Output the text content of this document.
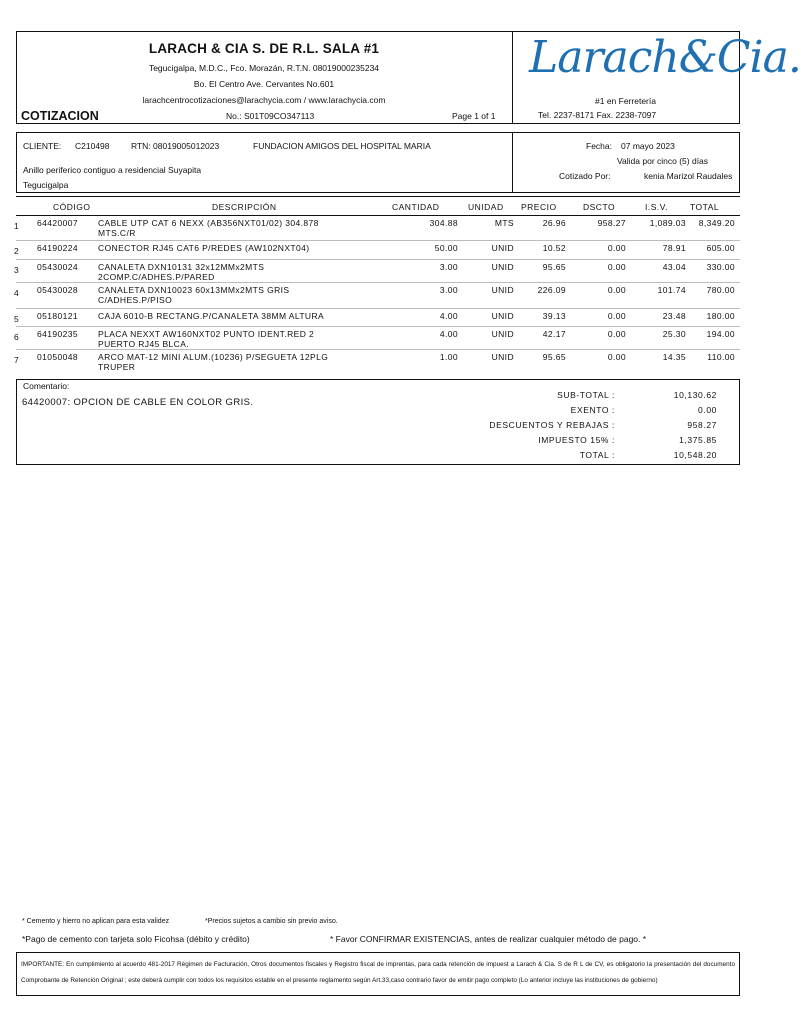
LARACH & CIA S. DE R.L. SALA #1
Tegucigalpa, M.D.C., Fco. Morazán, R.T.N. 08019000235234
Bo. El Centro Ave. Cervantes No.601
larachcentrocotizaciones@larachycia.com / www.larachycia.com
COTIZACION	No.: S01T09CO347113	Page 1 of 1
Larach&Cia.
#1 en Ferretería
Tel. 2237-8171 Fax. 2238-7097
CLIENTE: C210498	RTN: 08019005012023	FUNDACION AMIGOS DEL HOSPITAL MARIA
Anillo periferico contiguo a residencial Suyapita
Tegucigalpa
Fecha: 07 mayo 2023
Valida por cinco (5) días
Cotizado Por:	kenia Marizol Raudales
CÓDIGO	DESCRIPCIÓN	CANTIDAD	UNIDAD PRECIO	DSCTO	I.S.V.	TOTAL
1	64420007	304.88	MTS	26.96	958.27	1,089.03	8,349.20
CABLE UTP CAT 6 NEXX (AB356NXT01/02) 304.878
MTS.C/R
2	64190224	50.00	UNID	10.52	0.00	78.91	605.00
CONECTOR RJ45 CAT6 P/REDES (AW102NXT04)
3	05430024	3.00	UNID	95.65	0.00	43.04	330.00
CANALETA DXN10131 32x12MMx2MTS
2COMP.C/ADHES.P/PARED
4	05430028	3.00	UNID	226.09	0.00	101.74	780.00
CANALETA DXN10023 60x13MMx2MTS GRIS
C/ADHES.P/PISO
5	05180121	4.00	UNID	39.13	0.00	23.48	180.00
CAJA 6010-B RECTANG.P/CANALETA 38MM ALTURA
6	64190235	4.00	UNID	42.17	0.00	25.30	194.00
PLACA NEXXT AW160NXT02 PUNTO IDENT.RED 2
PUERTO RJ45 BLCA.
7	01050048	1.00	UNID	95.65	0.00	14.35	110.00
ARCO MAT-12 MINI ALUM.(10236) P/SEGUETA 12PLG
TRUPER
Comentario:
64420007: OPCION DE CABLE EN COLOR GRIS.
SUB-TOTAL :	10,130.62
EXENTO :	0.00
DESCUENTOS Y REBAJAS :	958.27
IMPUESTO 15% :	1,375.85
TOTAL :	10,548.20
* Cemento y hierro no aplican para esta validez	*Precios sujetos a cambio sin previo aviso.
*Pago de cemento con tarjeta solo Ficohsa (débito y crédito)	* Favor CONFIRMAR EXISTENCIAS, antes de realizar cualquier método de pago. *
IMPORTANTE: En cumplimiento al acuerdo 481-2017 Régimen de Facturación, Otros documentos fiscales y Registro fiscal de imprentas, para cada retención de impuest a Larach & Cia. S de R L de CV, es obligatorio la presentación del documento Comprobante de Retención Original ; este deberá cumplir con todos los requisitos estable en el presente reglamento según Art.33,caso contrario favor de emitir pago completo (Lo anterior incluye las instituciones de gobierno)
